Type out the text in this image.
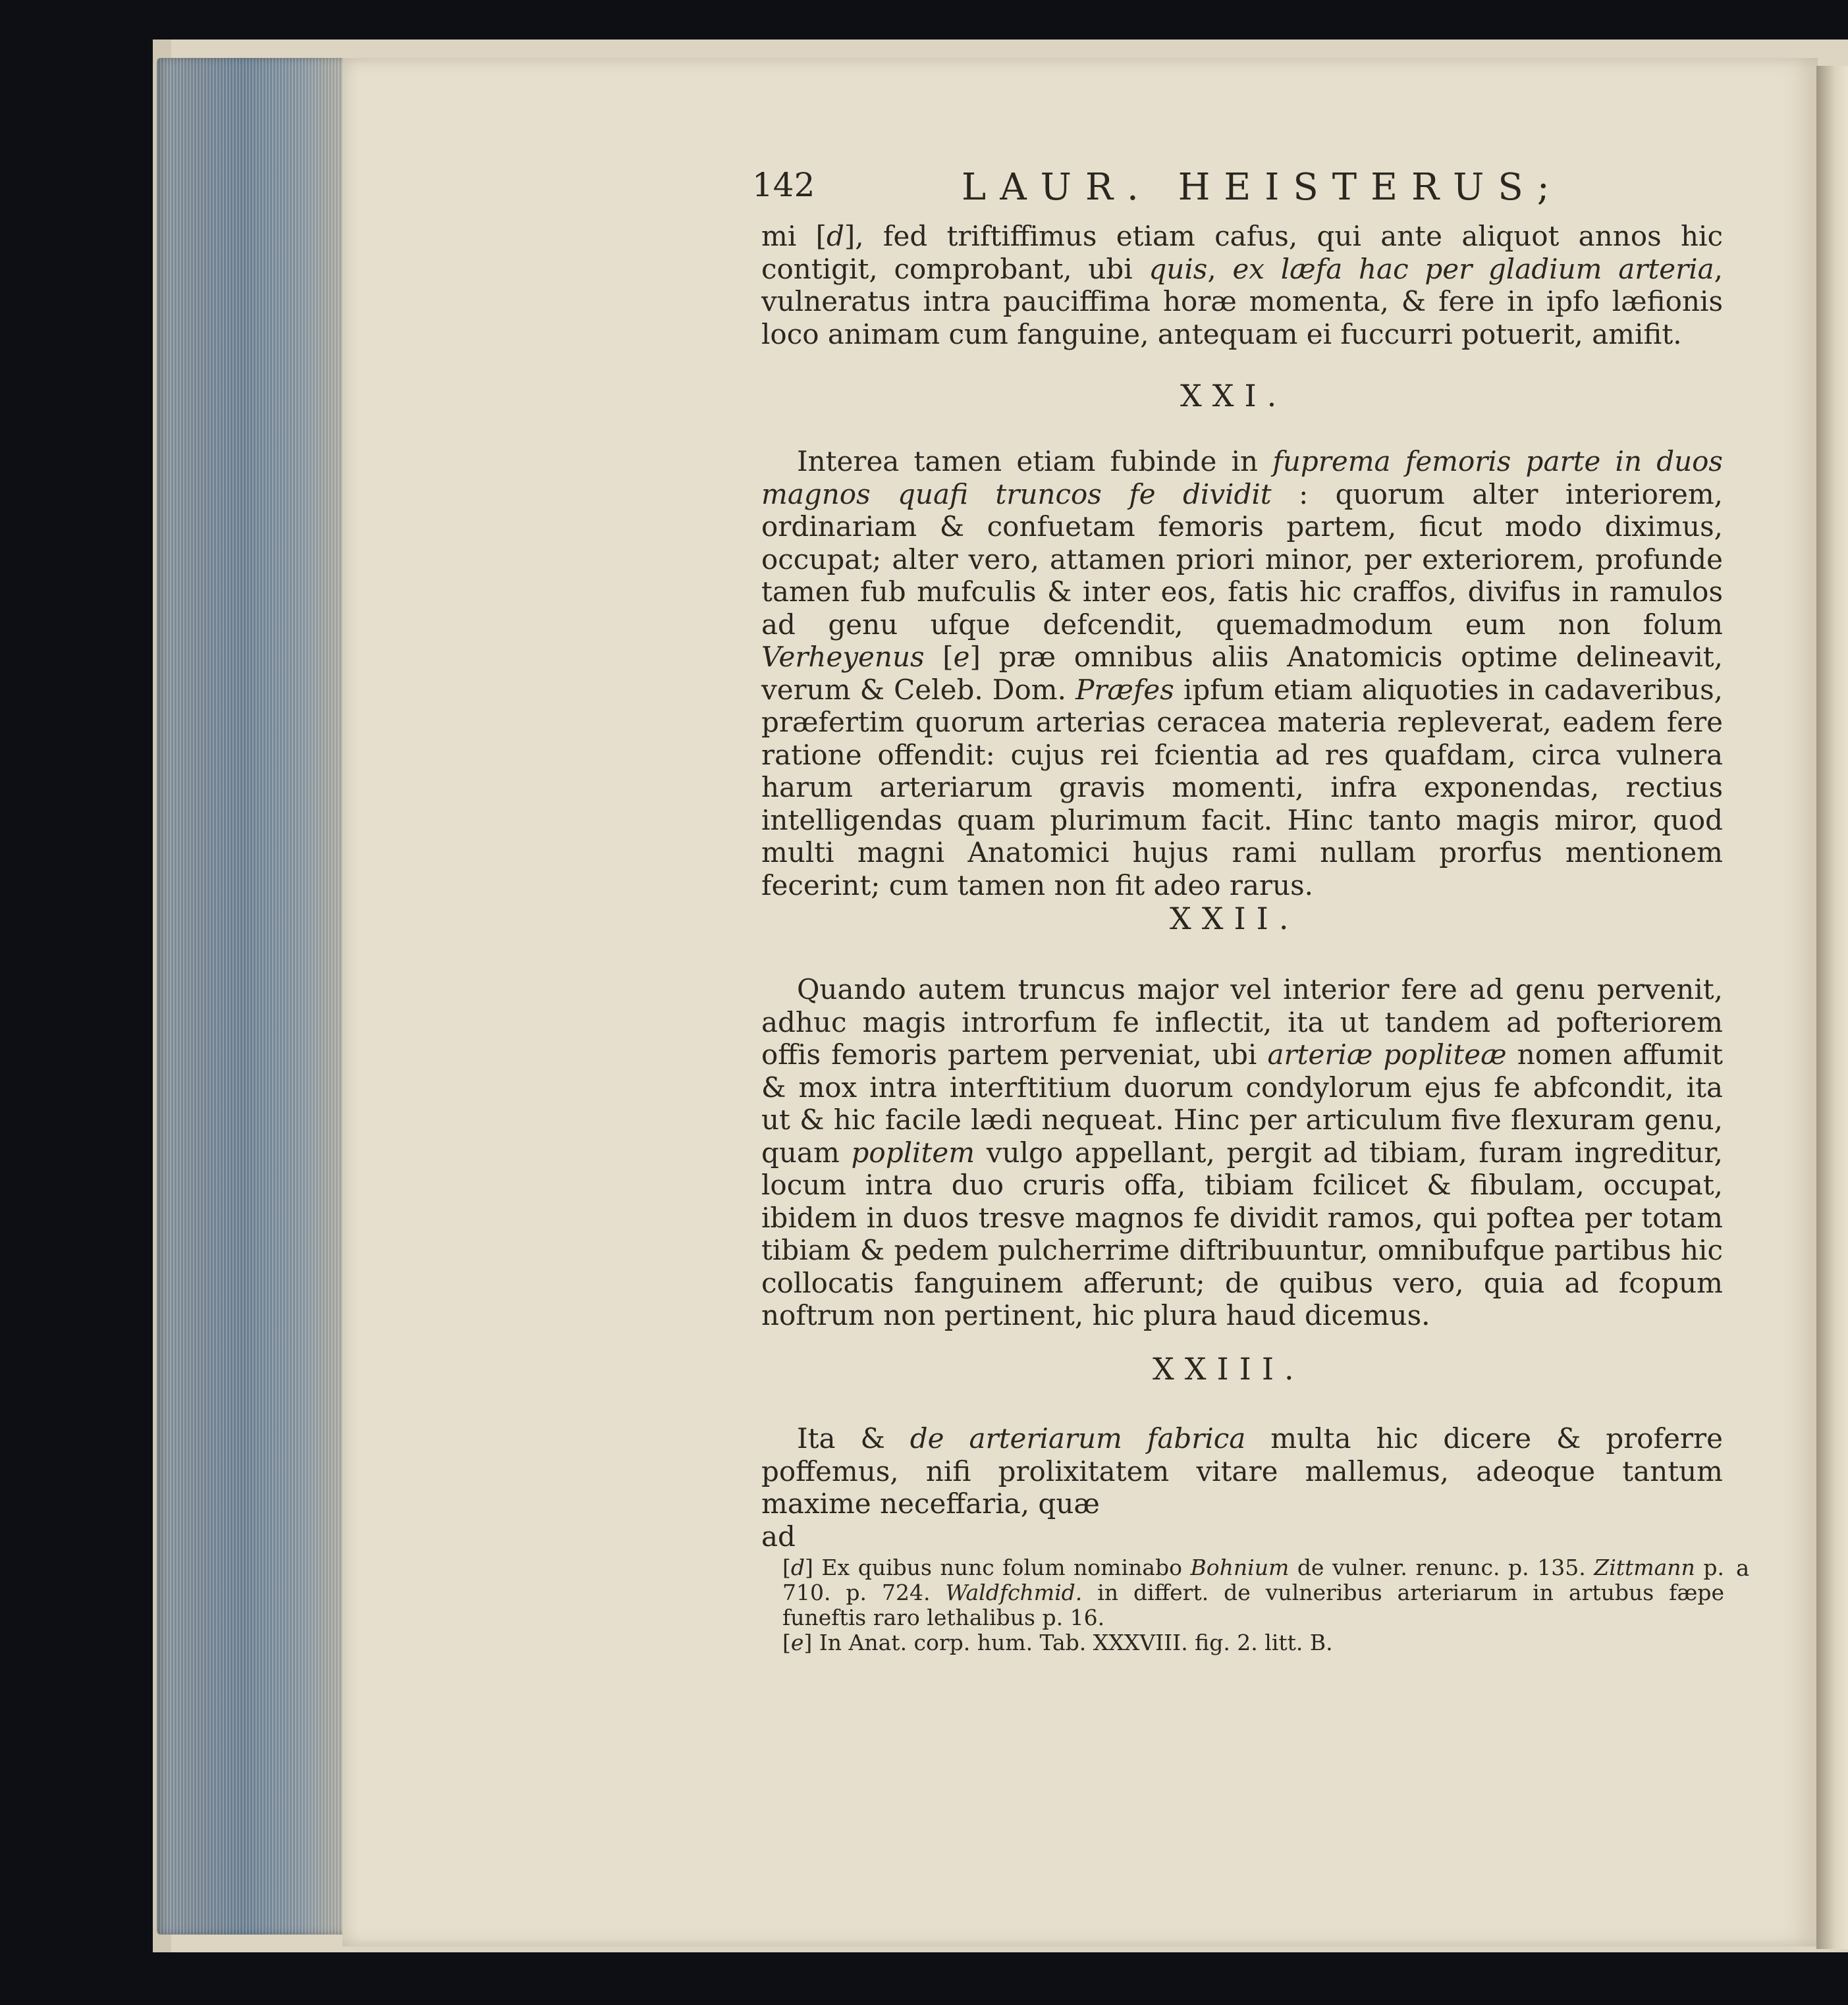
142	LAUR. HEISTERUS;

mi [d], fed triftiffimus etiam cafus, qui ante aliquot annos hic contigit, comprobant, ubi quis, ex læfa hac per gladium arteria, vulneratus intra pauciffima horæ momenta, & fere in ipfo læfionis loco animam cum fanguine, antequam ei fuccurri potuerit, amifit.

XXI.

Interea tamen etiam fubinde in fuprema femoris parte in duos magnos quafi truncos fe dividit : quorum alter interiorem, ordinariam & confuetam femoris partem, ficut modo diximus, occupat; alter vero, attamen priori minor, per exteriorem, profunde tamen fub mufculis & inter eos, fatis hic craffos, divifus in ramulos ad genu ufque defcendit, quemadmodum eum non folum Verheyenus [e] præ omnibus aliis Anatomicis optime delineavit, verum & Celeb. Dom. Præfes ipfum etiam aliquoties in cadaveribus, præfertim quorum arterias ceracea materia repleverat, eadem fere ratione offendit: cujus rei fcientia ad res quafdam, circa vulnera harum arteriarum gravis momenti, infra exponendas, rectius intelligendas quam plurimum facit. Hinc tanto magis miror, quod multi magni Anatomici hujus rami nullam prorfus mentionem fecerint; cum tamen non fit adeo rarus.

XXII.

Quando autem truncus major vel interior fere ad genu pervenit, adhuc magis introrfum fe inflectit, ita ut tandem ad pofteriorem offis femoris partem perveniat, ubi arteriæ popliteæ nomen affumit & mox intra interftitium duorum condylorum ejus fe abfcondit, ita ut & hic facile lædi nequeat. Hinc per articulum five flexuram genu, quam poplitem vulgo appellant, pergit ad tibiam, furam ingreditur, locum intra duo cruris offa, tibiam fcilicet & fibulam, occupat, ibidem in duos tresve magnos fe dividit ramos, qui poftea per totam tibiam & pedem pulcherrime diftribuuntur, omnibufque partibus hic collocatis fanguinem afferunt; de quibus vero, quia ad fcopum noftrum non pertinent, hic plura haud dicemus.

XXIII.

Ita & de arteriarum fabrica multa hic dicere & proferre poffemus, nifi prolixitatem vitare mallemus, adeoque tantum maxime neceffaria, quæ

ad

[d] Ex quibus nunc folum nominabo Bohnium de vulner. renunc. p. 135. Zittmann p. 710. p. 724. Waldfchmid. in differt. de vulneribus arteriarum in artubus fæpe funeftis raro lethalibus p. 16.

[e] In Anat. corp. hum. Tab. XXXVIII. fig. 2. litt. B.

a
